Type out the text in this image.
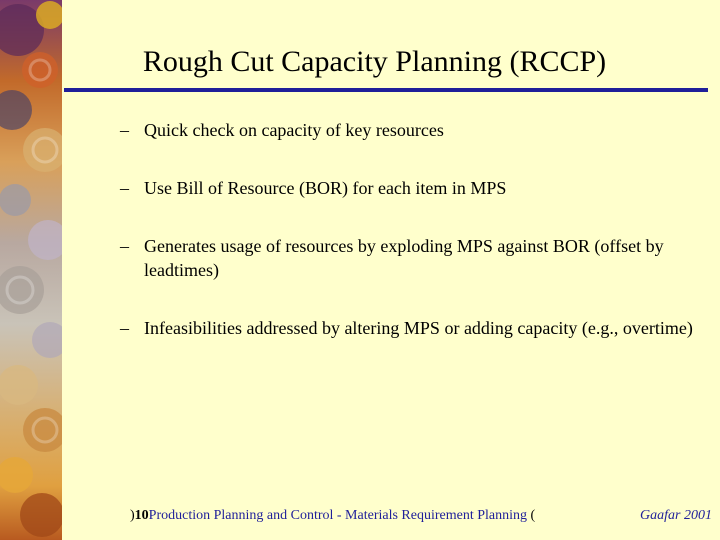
Rough Cut Capacity Planning (RCCP)
– Quick check on capacity of key resources
– Use Bill of Resource (BOR) for each item in MPS
– Generates usage of resources by exploding MPS against BOR (offset by leadtimes)
– Infeasibilities addressed by altering MPS or adding capacity (e.g., overtime)
)10Production Planning and Control - Materials Requirement Planning (	Gaafar 2001
